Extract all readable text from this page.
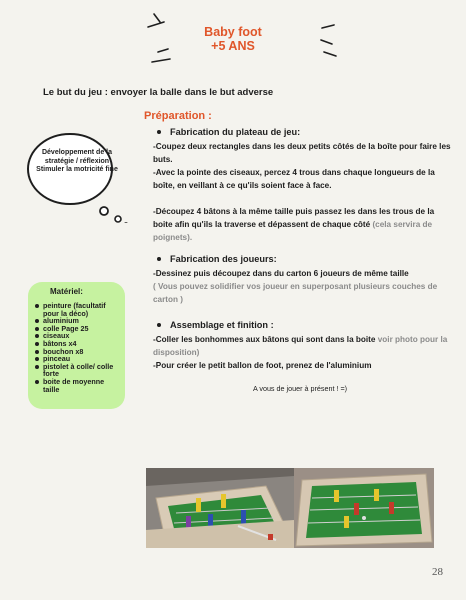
Baby foot
+5 ANS
Le but du jeu : envoyer la balle dans le but adverse
Développement de la stratégie / réflexion Stimuler la motricité fine
Matériel:
peinture (facultatif pour la déco)
aluminium
colle Page 25
ciseaux
bâtons x4
bouchon x8
pinceau
pistolet à colle/ colle forte
boite de moyenne taille
Préparation :
Fabrication du plateau de jeu:
-Coupez deux rectangles dans les deux petits côtés de la boîte pour faire les buts.
-Avec la pointe des ciseaux, percez 4 trous dans chaque longueurs de la boîte, en veillant à ce qu'ils soient face à face.
-Découpez 4 bâtons à la même taille puis passez les dans les trous de la boite afin qu'ils la traverse et dépassent de chaque côté (cela servira de poignets).
Fabrication des joueurs:
-Dessinez puis découpez dans du carton 6 joueurs de même taille
( Vous pouvez solidifier vos joueur en superposant plusieurs couches de carton )
Assemblage et finition :
-Coller les bonhommes aux bâtons qui sont dans la boite voir photo pour la disposition)
-Pour créer le petit ballon de foot, prenez de l'aluminium
A vous de jouer à présent ! =)
28
